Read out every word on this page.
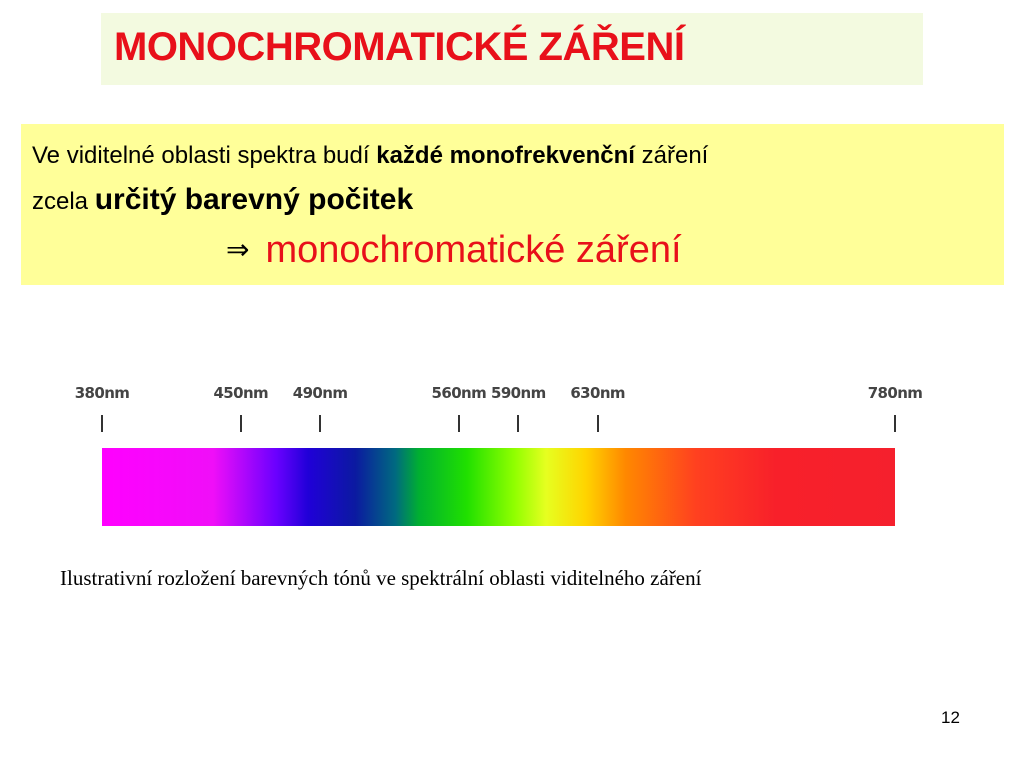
MONOCHROMATICKÉ ZÁŘENÍ
Ve viditelné oblasti spektra budí každé monofrekvenční záření
zcela určitý barevný počitek
⇒ monochromatické záření
380nm	450nm 490nm	560nm 590nm 630nm	780nm

Ilustrativní rozložení barevných tónů ve spektrální oblasti viditelného záření

12
